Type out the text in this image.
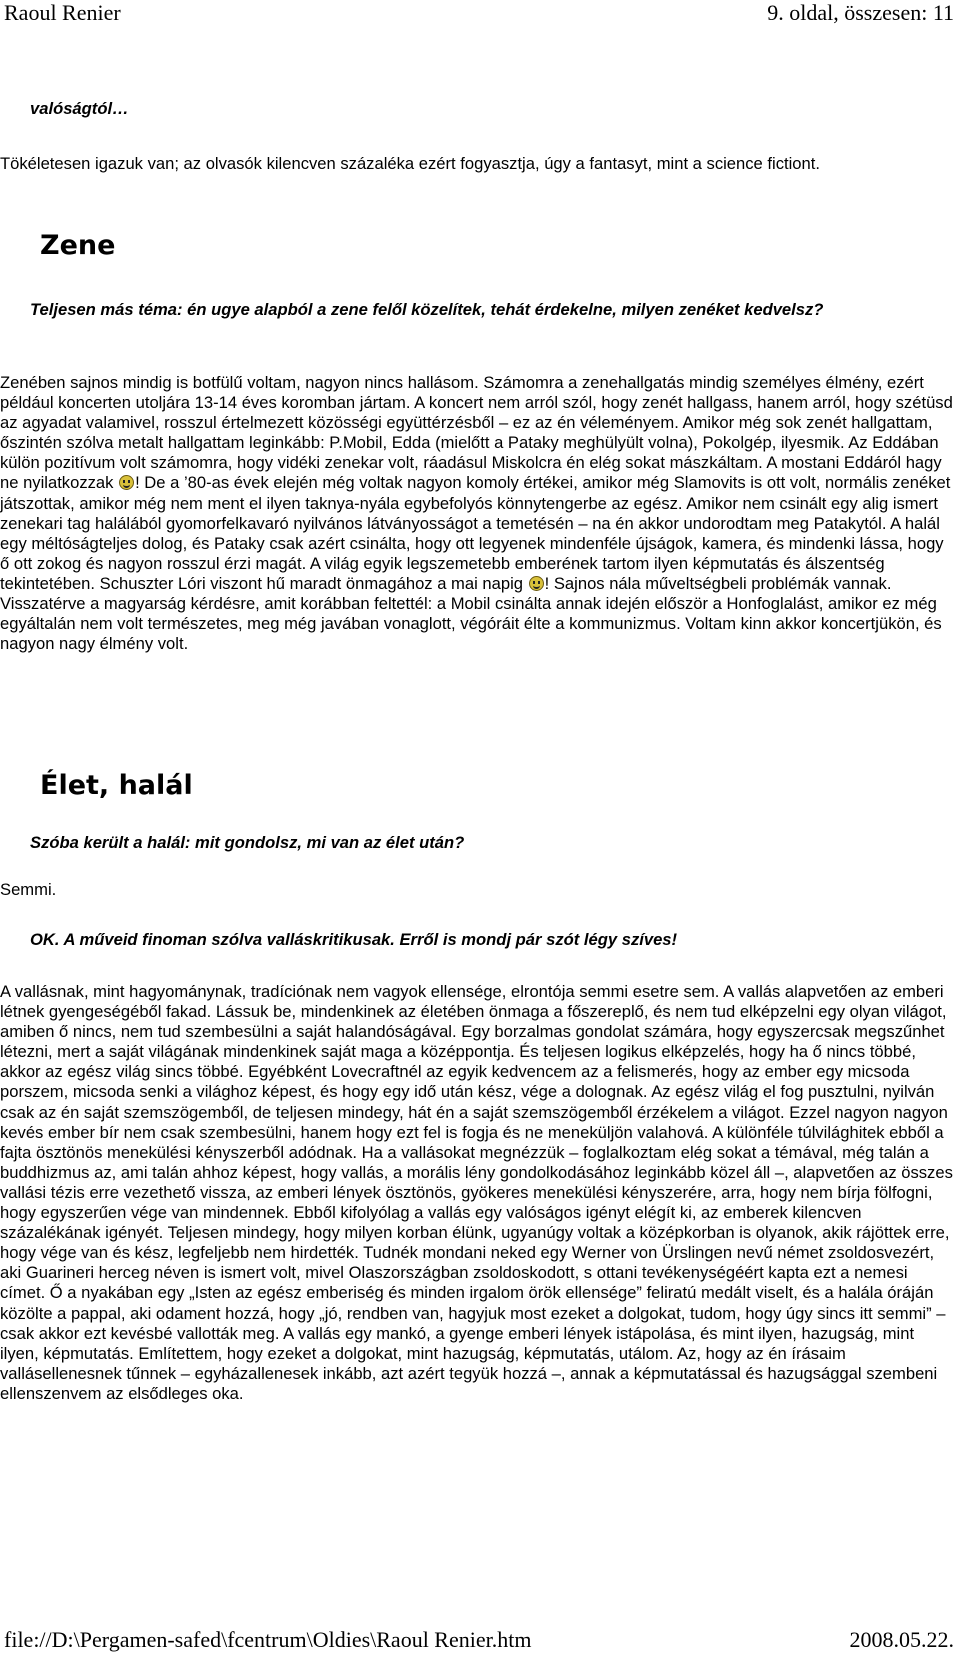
Raoul Renier	9. oldal, összesen: 11

valóságtól…

Tökéletesen igazuk van; az olvasók kilencven százaléka ezért fogyasztja, úgy a fantasyt, mint a science fictiont.

Zene

Teljesen más téma: én ugye alapból a zene felől közelítek, tehát érdekelne, milyen zenéket kedvelsz?

Zenében sajnos mindig is botfülű voltam, nagyon nincs hallásom. Számomra a zenehallgatás mindig személyes élmény, ezért például koncerten utoljára 13-14 éves koromban jártam. A koncert nem arról szól, hogy zenét hallgass, hanem arról, hogy szétüsd az agyadat valamivel, rosszul értelmezett közösségi együttérzésből – ez az én véleményem. Amikor még sok zenét hallgattam, őszintén szólva metalt hallgattam leginkább: P.Mobil, Edda (mielőtt a Pataky meghülyült volna), Pokolgép, ilyesmik. Az Eddában külön pozitívum volt számomra, hogy vidéki zenekar volt, ráadásul Miskolcra én elég sokat mászkáltam. A mostani Eddáról hagy ne nyilatkozzak ! De a ’80-as évek elején még voltak nagyon komoly értékei, amikor még Slamovits is ott volt, normális zenéket játszottak, amikor még nem ment el ilyen taknya-nyála egybefolyós könnytengerbe az egész. Amikor nem csinált egy alig ismert zenekari tag halálából gyomorfelkavaró nyilvános látványosságot a temetésén – na én akkor undorodtam meg Patakytól. A halál egy méltóságteljes dolog, és Pataky csak azért csinálta, hogy ott legyenek mindenféle újságok, kamera, és mindenki lássa, hogy ő ott zokog és nagyon rosszul érzi magát. A világ egyik legszemetebb emberének tartom ilyen képmutatás és álszentség tekintetében. Schuszter Lóri viszont hű maradt önmagához a mai napig ! Sajnos nála műveltségbeli problémák vannak. Visszatérve a magyarság kérdésre, amit korábban feltettél: a Mobil csinálta annak idején először a Honfoglalást, amikor ez még egyáltalán nem volt természetes, meg még javában vonaglott, végóráit élte a kommunizmus. Voltam kinn akkor koncertjükön, és nagyon nagy élmény volt.

Élet, halál

Szóba került a halál: mit gondolsz, mi van az élet után?

Semmi.

OK. A műveid finoman szólva valláskritikusak. Erről is mondj pár szót légy szíves!

A vallásnak, mint hagyománynak, tradíciónak nem vagyok ellensége, elrontója semmi esetre sem. A vallás alapvetően az emberi létnek gyengeségéből fakad. Lássuk be, mindenkinek az életében önmaga a főszereplő, és nem tud elképzelni egy olyan világot, amiben ő nincs, nem tud szembesülni a saját halandóságával. Egy borzalmas gondolat számára, hogy egyszercsak megszűnhet létezni, mert a saját világának mindenkinek saját maga a középpontja. És teljesen logikus elképzelés, hogy ha ő nincs többé, akkor az egész világ sincs többé. Egyébként Lovecraftnél az egyik kedvencem az a felismerés, hogy az ember egy micsoda porszem, micsoda senki a világhoz képest, és hogy egy idő után kész, vége a dolognak. Az egész világ el fog pusztulni, nyilván csak az én saját szemszögemből, de teljesen mindegy, hát én a saját szemszögemből érzékelem a világot. Ezzel nagyon nagyon kevés ember bír nem csak szembesülni, hanem hogy ezt fel is fogja és ne meneküljön valahová. A különféle túlvilághitek ebből a fajta ösztönös menekülési kényszerből adódnak. Ha a vallásokat megnézzük – foglalkoztam elég sokat a témával, még talán a buddhizmus az, ami talán ahhoz képest, hogy vallás, a morális lény gondolkodásához leginkább közel áll –, alapvetően az összes vallási tézis erre vezethető vissza, az emberi lények ösztönös, gyökeres menekülési kényszerére, arra, hogy nem bírja fölfogni, hogy egyszerűen vége van mindennek. Ebből kifolyólag a vallás egy valóságos igényt elégít ki, az emberek kilencven százalékának igényét. Teljesen mindegy, hogy milyen korban élünk, ugyanúgy voltak a középkorban is olyanok, akik rájöttek erre, hogy vége van és kész, legfeljebb nem hirdették. Tudnék mondani neked egy Werner von Ürslingen nevű német zsoldosvezért, aki Guarineri herceg néven is ismert volt, mivel Olaszországban zsoldoskodott, s ottani tevékenységéért kapta ezt a nemesi címet. Ő a nyakában egy „Isten az egész emberiség és minden irgalom örök ellensége” feliratú medált viselt, és a halála óráján közölte a pappal, aki odament hozzá, hogy „jó, rendben van, hagyjuk most ezeket a dolgokat, tudom, hogy úgy sincs itt semmi” – csak akkor ezt kevésbé vallották meg. A vallás egy mankó, a gyenge emberi lények istápolása, és mint ilyen, hazugság, mint ilyen, képmutatás. Említettem, hogy ezeket a dolgokat, mint hazugság, képmutatás, utálom. Az, hogy az én írásaim vallásellenesnek tűnnek – egyházallenesek inkább, azt azért tegyük hozzá –, annak a képmutatással és hazugsággal szembeni ellenszenvem az elsődleges oka.

file://D:\Pergamen-safed\fcentrum\Oldies\Raoul Renier.htm	2008.05.22.
